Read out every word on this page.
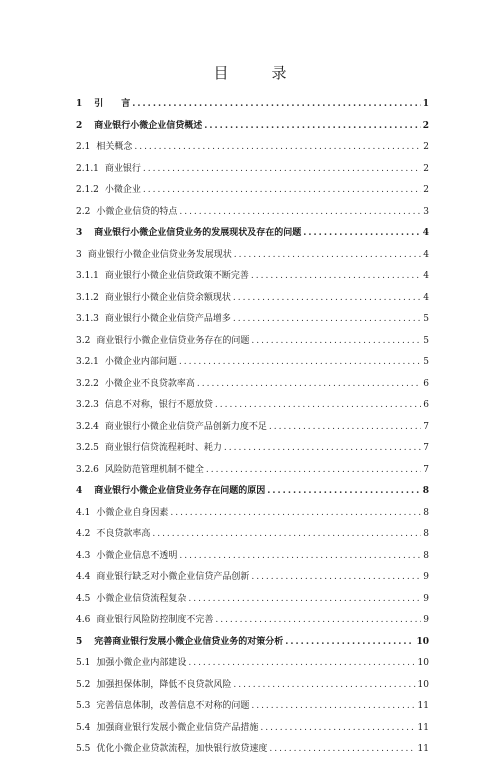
目　录
1 引　　言 .....	1
2 商业银行小微企业信贷概述 .....	2
2.1 相关概念 .....	2
2.1.1 商业银行 .....	2
2.1.2 小微企业 .....	2
2.2 小微企业信贷的特点 .....	3
3 商业银行小微企业信贷业务的发展现状及存在的问题 .....	4
3 商业银行小微企业信贷业务发展现状 .....	4
3.1.1 商业银行小微企业信贷政策不断完善 .....	4
3.1.2 商业银行小微企业信贷余额现状 .....	4
3.1.3 商业银行小微企业信贷产品增多 .....	5
3.2 商业银行小微企业信贷业务存在的问题 .....	5
3.2.1 小微企业内部问题 .....	5
3.2.2 小微企业不良贷款率高 .....	6
3.2.3 信息不对称，银行不愿放贷 .....	6
3.2.4 商业银行小微企业信贷产品创新力度不足 .....	7
3.2.5 商业银行信贷流程耗时、耗力 .....	7
3.2.6 风险防范管理机制不健全 .....	7
4 商业银行小微企业信贷业务存在问题的原因 .....	8
4.1 小微企业自身因素 .....	8
4.2 不良贷款率高 .....	8
4.3 小微企业信息不透明 .....	8
4.4 商业银行缺乏对小微企业信贷产品创新 .....	9
4.5 小微企业信贷流程复杂 .....	9
4.6 商业银行风险防控制度不完善 .....	9
5 完善商业银行发展小微企业信贷业务的对策分析 .....	10
5.1 加强小微企业内部建设 .....	10
5.2 加强担保体制，降低不良贷款风险 .....	10
5.3 完善信息体制，改善信息不对称的问题 .....	11
5.4 加强商业银行发展小微企业信贷产品措施 .....	11
5.5 优化小微企业贷款流程，加快银行放贷速度 .....	11
